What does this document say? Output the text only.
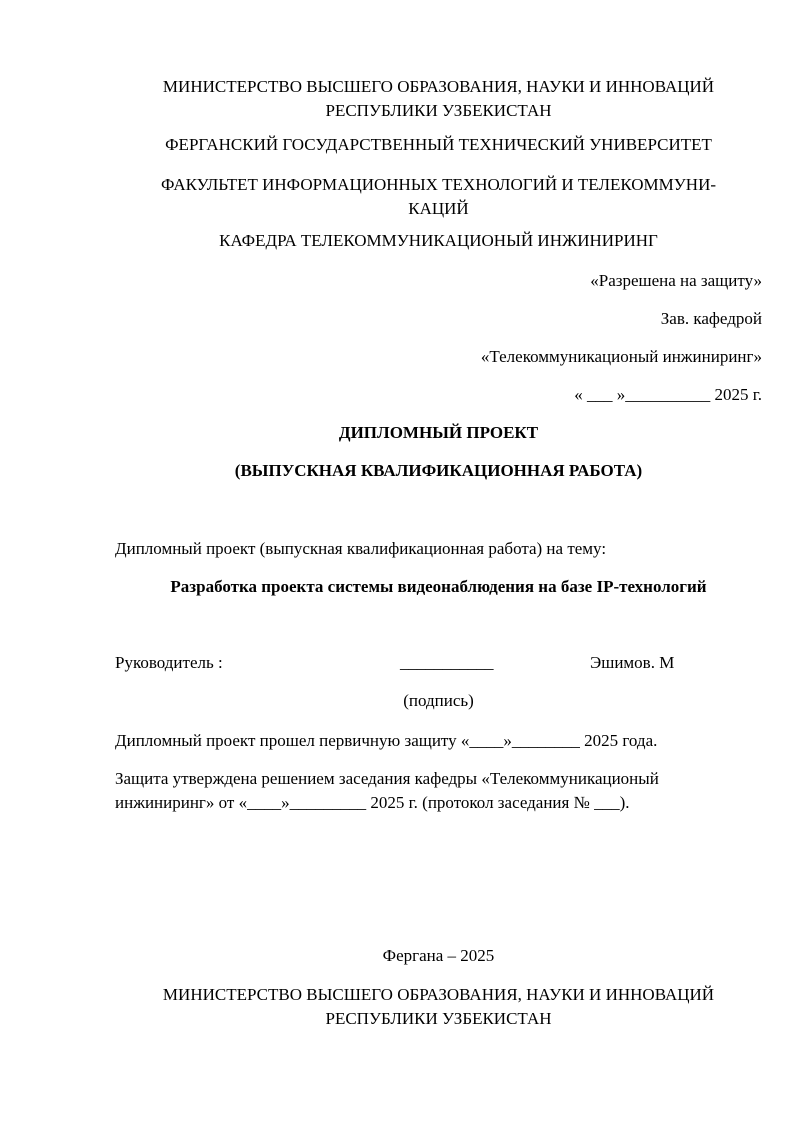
МИНИСТЕРСТВО ВЫСШЕГО ОБРАЗОВАНИЯ, НАУКИ И ИННОВАЦИЙ
РЕСПУБЛИКИ УЗБЕКИСТАН
ФЕРГАНСКИЙ ГОСУДАРСТВЕННЫЙ ТЕХНИЧЕСКИЙ УНИВЕРСИТЕТ
ФАКУЛЬТЕТ ИНФОРМАЦИОННЫХ ТЕХНОЛОГИЙ И ТЕЛЕКОММУНИ-
КАЦИЙ
КАФЕДРА ТЕЛЕКОММУНИКАЦИОНЫЙ ИНЖИНИРИНГ
«Разрешена на защиту»
Зав. кафедрой
«Телекоммуникационый инжиниринг»
« ___ »__________ 2025 г.
ДИПЛОМНЫЙ ПРОЕКТ
(ВЫПУСКНАЯ КВАЛИФИКАЦИОННАЯ РАБОТА)
Дипломный проект (выпускная квалификационная работа) на тему:
Разработка проекта системы видеонаблюдения на базе IP-технологий
Руководитель :	___________	Эшимов. М
(подпись)
Дипломный проект прошел первичную защиту «____»________ 2025 года.
Защита утверждена решением заседания кафедры «Телекоммуникационый
инжиниринг» от «____»_________ 2025 г. (протокол заседания № ___).
Фергана – 2025
МИНИСТЕРСТВО ВЫСШЕГО ОБРАЗОВАНИЯ, НАУКИ И ИННОВАЦИЙ
РЕСПУБЛИКИ УЗБЕКИСТАН
